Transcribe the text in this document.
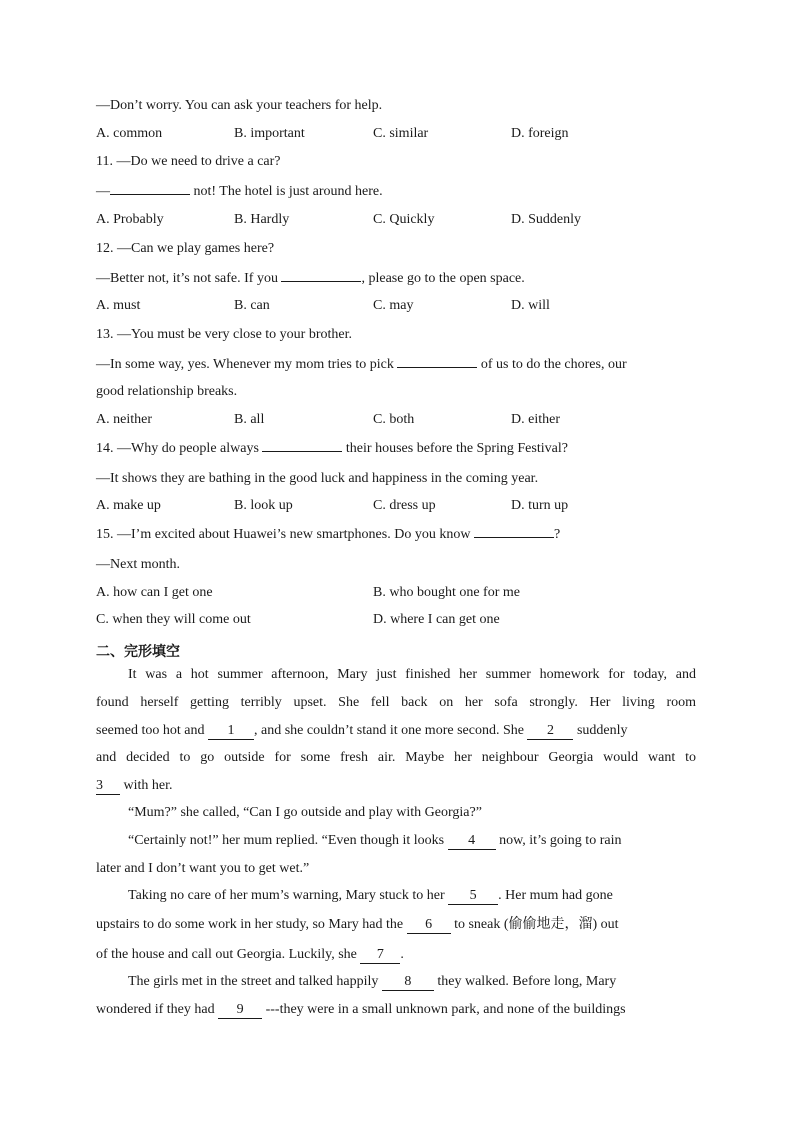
—Don’t worry. You can ask your teachers for help.
A. common	B. important	C. similar	D. foreign
11. —Do we need to drive a car?
—	not! The hotel is just around here.
A. Probably	B. Hardly	C. Quickly	D. Suddenly
12. —Can we play games here?
—Better not, it’s not safe. If you	, please go to the open space.
A. must	B. can	C. may	D. will
13. —You must be very close to your brother.
—In some way, yes. Whenever my mom tries to pick	of us to do the chores, our
good relationship breaks.
A. neither	B. all	C. both	D. either
14. —Why do people always	their houses before the Spring Festival?
—It shows they are bathing in the good luck and happiness in the coming year.
A. make up	B. look up	C. dress up	D. turn up
15. —I’m excited about Huawei’s new smartphones. Do you know	?
—Next month.
A. how can I get one	B. who bought one for me
C. when they will come out	D. where I can get one
二、完形填空
It was a hot summer afternoon, Mary just finished her summer homework for today, and
found herself getting terribly upset. She fell back on her sofa strongly. Her living room
seemed too hot and 1 , and she couldn’t stand it one more second. She 2 suddenly
and decided to go outside for some fresh air. Maybe her neighbour Georgia would want to
3 with her.
“Mum?” she called, “Can I go outside and play with Georgia?”
“Certainly not!” her mum replied. “Even though it looks 4 now, it’s going to rain
later and I don’t want you to get wet.”
Taking no care of her mum’s warning, Mary stuck to her 5 . Her mum had gone
upstairs to do some work in her study, so Mary had the 6 to sneak (偷偷地走，溜) out
of the house and call out Georgia. Luckily, she 7 .
The girls met in the street and talked happily 8 they walked. Before long, Mary
wondered if they had 9 ---they were in a small unknown park, and none of the buildings
